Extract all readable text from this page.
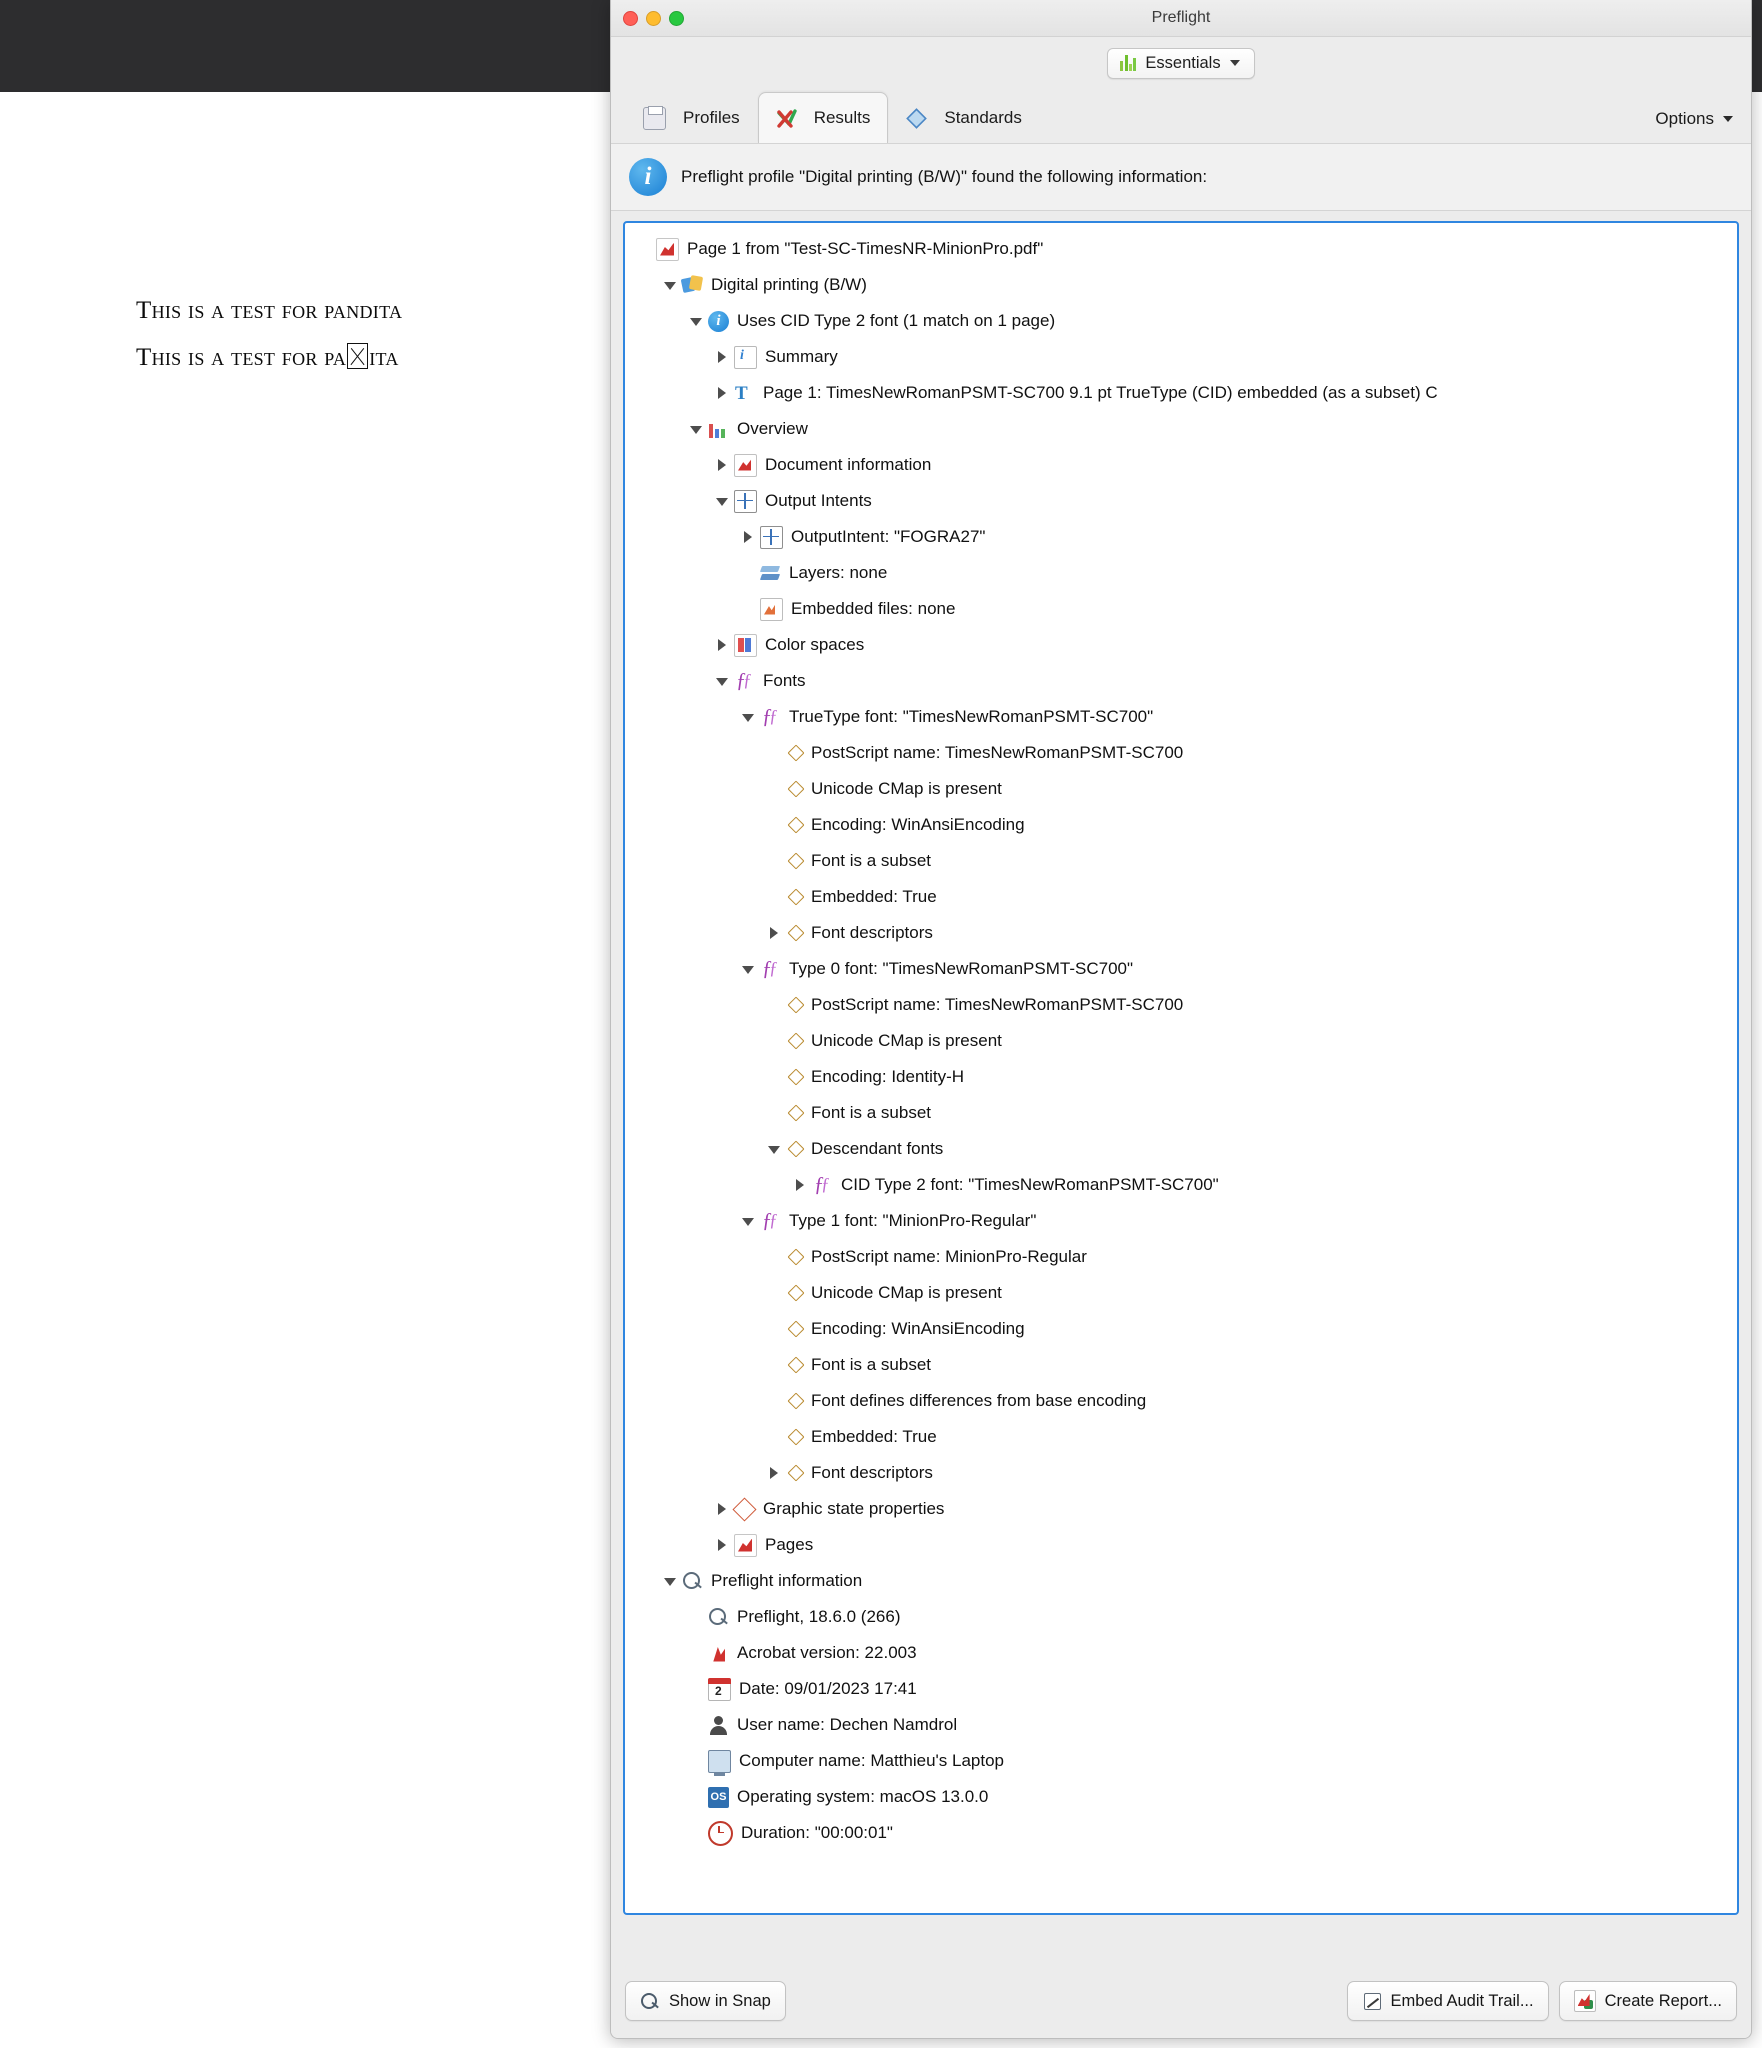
This is a test for pandita
This is a test for pa ita
Preflight
Essentials
Profiles	Results	Standards	Options
i	Preflight profile "Digital printing (B/W)" found the following information:
Page 1 from "Test-SC-TimesNR-MinionPro.pdf"
Digital printing (B/W)
i
Uses CID Type 2 font (1 match on 1 page)
i
Summary
T
Page 1: TimesNewRomanPSMT-SC700 9.1 pt TrueType (CID) embedded (as a subset) C
Overview
Document information
Output Intents
OutputIntent: "FOGRA27"
Layers: none
Embedded files: none
Color spaces
ƒ ƒ
Fonts
ƒ ƒ
TrueType font: "TimesNewRomanPSMT-SC700"
PostScript name: TimesNewRomanPSMT-SC700
Unicode CMap is present
Encoding: WinAnsiEncoding
Font is a subset
Embedded: True
Font descriptors
ƒ ƒ
Type 0 font: "TimesNewRomanPSMT-SC700"
PostScript name: TimesNewRomanPSMT-SC700
Unicode CMap is present
Encoding: Identity-H
Font is a subset
Descendant fonts
ƒ ƒ
CID Type 2 font: "TimesNewRomanPSMT-SC700"
ƒ ƒ
Type 1 font: "MinionPro-Regular"
PostScript name: MinionPro-Regular
Unicode CMap is present
Encoding: WinAnsiEncoding
Font is a subset
Font defines differences from base encoding
Embedded: True
Font descriptors
Graphic state properties
Pages
Preflight information
Preflight, 18.6.0 (266)
Acrobat version: 22.003
2
Date: 09/01/2023 17:41
User name: Dechen Namdrol
Computer name: Matthieu's Laptop
OS
Operating system: macOS 13.0.0
Duration: "00:00:01"
Show in Snap	Embed Audit Trail...	Create Report...
